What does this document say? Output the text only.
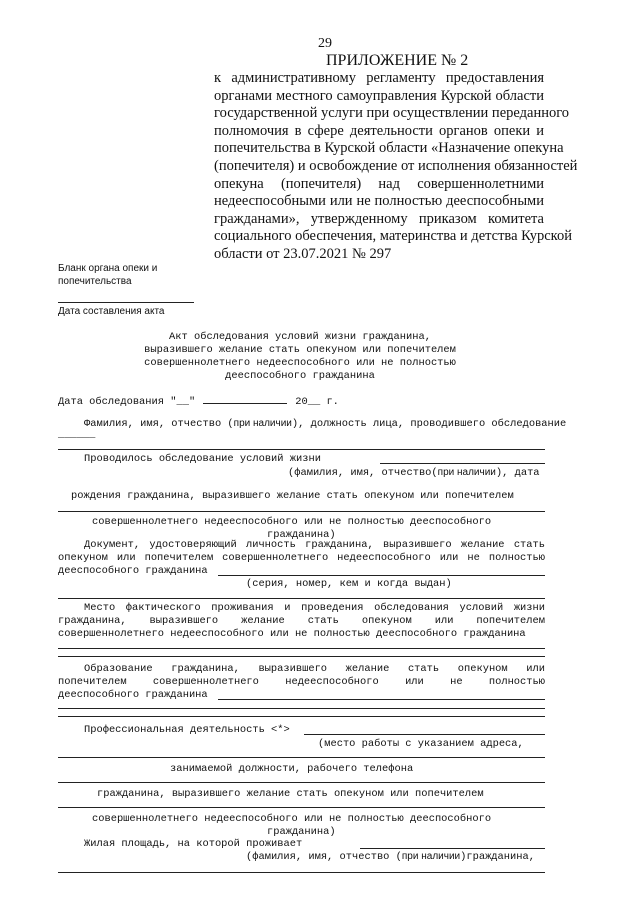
29
ПРИЛОЖЕНИЕ № 2
к административному регламенту предоставления
органами местного самоуправления Курской области
государственной услуги при осуществлении переданного
полномочия в сфере деятельности органов опеки и
попечительства в Курской области «Назначение опекуна
(попечителя) и освобождение от исполнения обязанностей
опекуна (попечителя) над совершеннолетними
недееспособными или не полностью дееспособными
гражданами», утвержденному приказом комитета
социального обеспечения, материнства и детства Курской
области от 23.07.2021 № 297
Бланк органа опеки и
попечительства
Дата составления акта
Акт обследования условий жизни гражданина,
выразившего желание стать опекуном или попечителем
совершеннолетнего недееспособного или не полностью
дееспособного гражданина
Дата обследования "__"	20__ г.
Фамилия, имя, отчество (при наличии), должность лица, проводившего обследование
______
Проводилось обследование условий жизни
(фамилия, имя, отчество(при наличии), дата
рождения гражданина, выразившего желание стать опекуном или попечителем
совершеннолетнего недееспособного или не полностью дееспособного
гражданина)
Документ, удостоверяющий личность гражданина, выразившего желание стать
опекуном или попечителем совершеннолетнего недееспособного или не полностью
дееспособного гражданина
(серия, номер, кем и когда выдан)
Место фактического проживания и проведения обследования условий жизни
гражданина, выразившего желание стать опекуном или попечителем
совершеннолетнего недееспособного или не полностью дееспособного гражданина
Образование гражданина, выразившего желание стать опекуном или
попечителем совершеннолетнего недееспособного или не полностью
дееспособного гражданина
Профессиональная деятельность <*>
(место работы с указанием адреса,
занимаемой должности, рабочего телефона
гражданина, выразившего желание стать опекуном или попечителем
совершеннолетнего недееспособного или не полностью дееспособного
гражданина)
Жилая площадь, на которой проживает
(фамилия, имя, отчество (при наличии)гражданина,
